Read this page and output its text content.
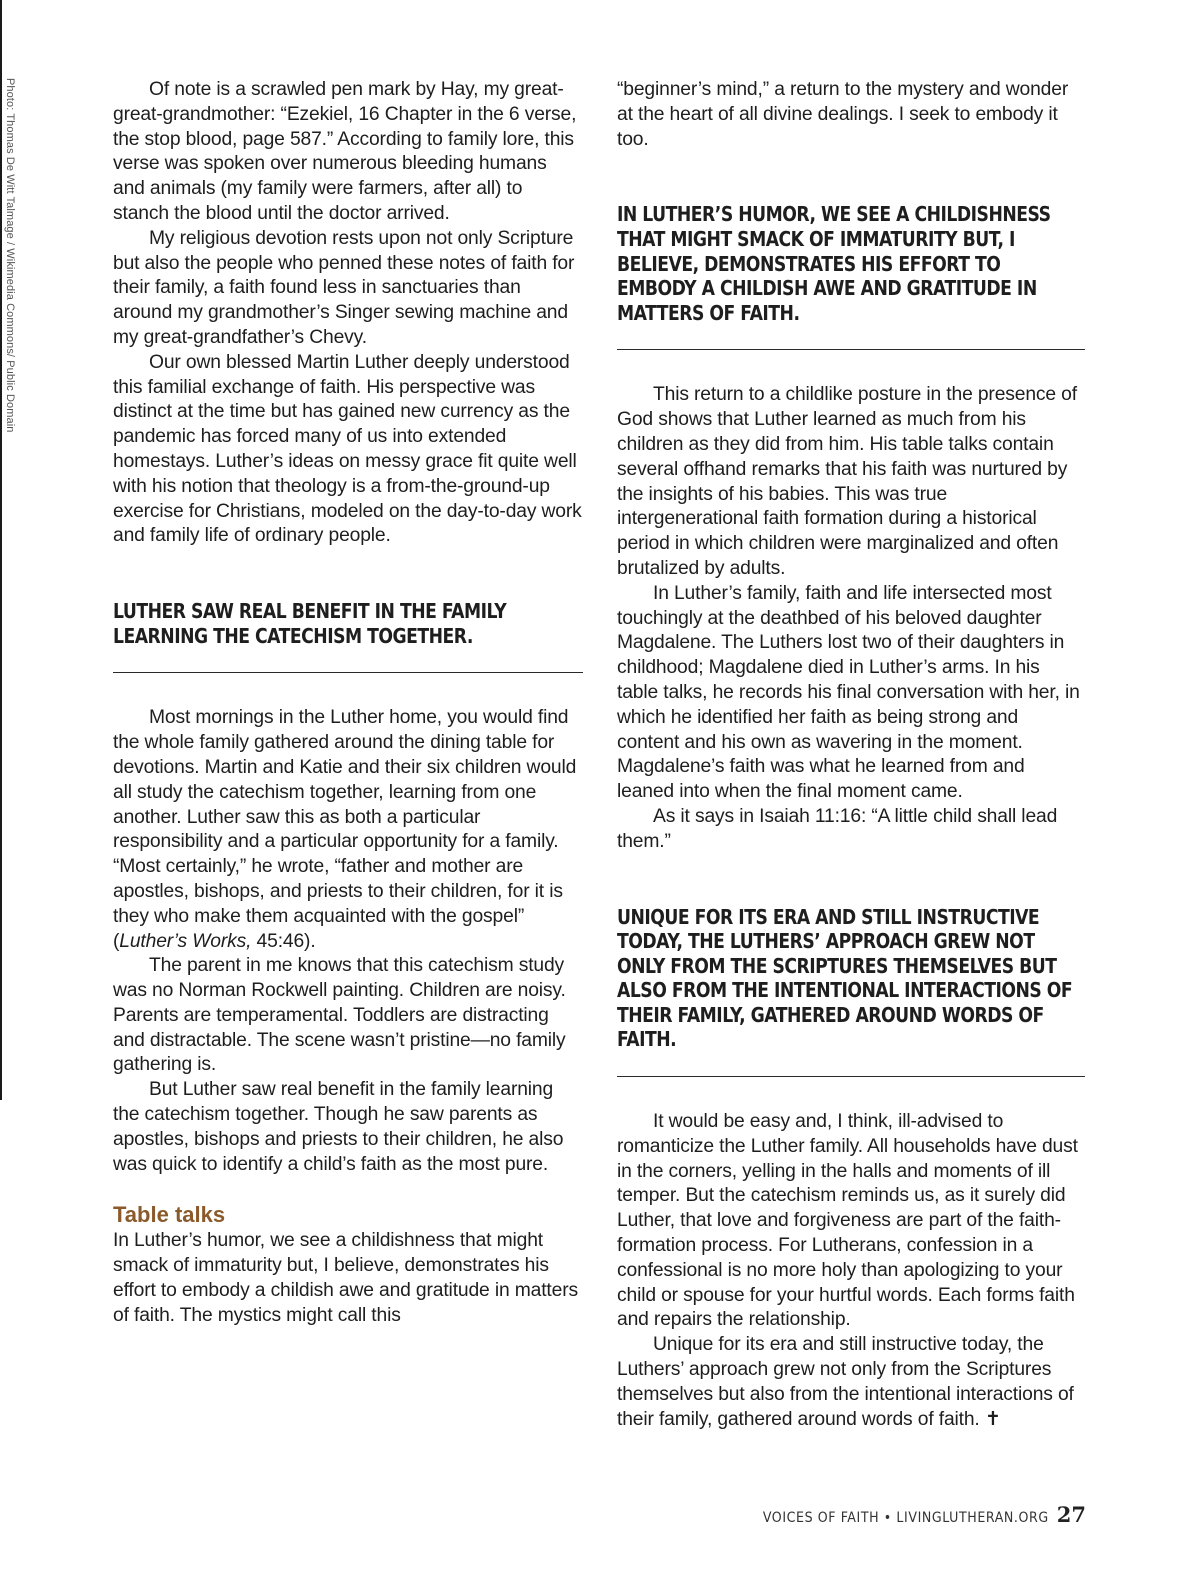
Photo: Thomas De Witt Talmage / Wikimedia Commons/ Public Domain	Of note is a scrawled pen mark by Hay, my great-great-grandmother: “Ezekiel, 16 Chapter in the 6 verse, the stop blood, page 587.” According to family lore, this verse was spoken over numerous bleeding humans and animals (my family were farmers, after all) to stanch the blood until the doctor arrived.

My religious devotion rests upon not only Scripture but also the people who penned these notes of faith for their family, a faith found less in sanctuaries than around my grandmother’s Singer sewing machine and my great-grandfather’s Chevy.

Our own blessed Martin Luther deeply understood this familial exchange of faith. His perspective was distinct at the time but has gained new currency as the pandemic has forced many of us into extended homestays. Luther’s ideas on messy grace fit quite well with his notion that theology is a from-the-ground-up exercise for Christians, modeled on the day-to-day work and family life of ordinary people.

LUTHER SAW REAL BENEFIT IN THE FAMILY LEARNING THE CATECHISM TOGETHER.

Most mornings in the Luther home, you would find the whole family gathered around the dining table for devotions. Martin and Katie and their six children would all study the catechism together, learning from one another. Luther saw this as both a particular responsibility and a particular opportunity for a family. “Most certainly,” he wrote, “father and mother are apostles, bishops, and priests to their children, for it is they who make them acquainted with the gospel” (Luther’s Works, 45:46).

The parent in me knows that this catechism study was no Norman Rockwell painting. Children are noisy. Parents are temperamental. Toddlers are distracting and distractable. The scene wasn’t pristine—no family gathering is.

But Luther saw real benefit in the family learning the catechism together. Though he saw parents as apostles, bishops and priests to their children, he also was quick to identify a child’s faith as the most pure.

Table talks

In Luther’s humor, we see a childishness that might smack of immaturity but, I believe, demonstrates his effort to embody a childish awe and gratitude in matters of faith. The mystics might call this

“beginner’s mind,” a return to the mystery and wonder at the heart of all divine dealings. I seek to embody it too.

IN LUTHER’S HUMOR, WE SEE A CHILDISHNESS THAT MIGHT SMACK OF IMMATURITY BUT, I BELIEVE, DEMONSTRATES HIS EFFORT TO EMBODY A CHILDISH AWE AND GRATITUDE IN MATTERS OF FAITH.

This return to a childlike posture in the presence of God shows that Luther learned as much from his children as they did from him. His table talks contain several offhand remarks that his faith was nurtured by the insights of his babies. This was true intergenerational faith formation during a historical period in which children were marginalized and often brutalized by adults.

In Luther’s family, faith and life intersected most touchingly at the deathbed of his beloved daughter Magdalene. The Luthers lost two of their daughters in childhood; Magdalene died in Luther’s arms. In his table talks, he records his final conversation with her, in which he identified her faith as being strong and content and his own as wavering in the moment. Magdalene’s faith was what he learned from and leaned into when the final moment came.

As it says in Isaiah 11:16: “A little child shall lead them.”

UNIQUE FOR ITS ERA AND STILL INSTRUCTIVE TODAY, THE LUTHERS’ APPROACH GREW NOT ONLY FROM THE SCRIPTURES THEMSELVES BUT ALSO FROM THE INTENTIONAL INTERACTIONS OF THEIR FAMILY, GATHERED AROUND WORDS OF FAITH.

It would be easy and, I think, ill-advised to romanticize the Luther family. All households have dust in the corners, yelling in the halls and moments of ill temper. But the catechism reminds us, as it surely did Luther, that love and forgiveness are part of the faith-formation process. For Lutherans, confession in a confessional is no more holy than apologizing to your child or spouse for your hurtful words. Each forms faith and repairs the relationship.

Unique for its era and still instructive today, the Luthers’ approach grew not only from the Scriptures themselves but also from the intentional interactions of their family, gathered around words of faith. ✝

VOICES OF FAITH • LIVINGLUTHERAN.ORG 27
